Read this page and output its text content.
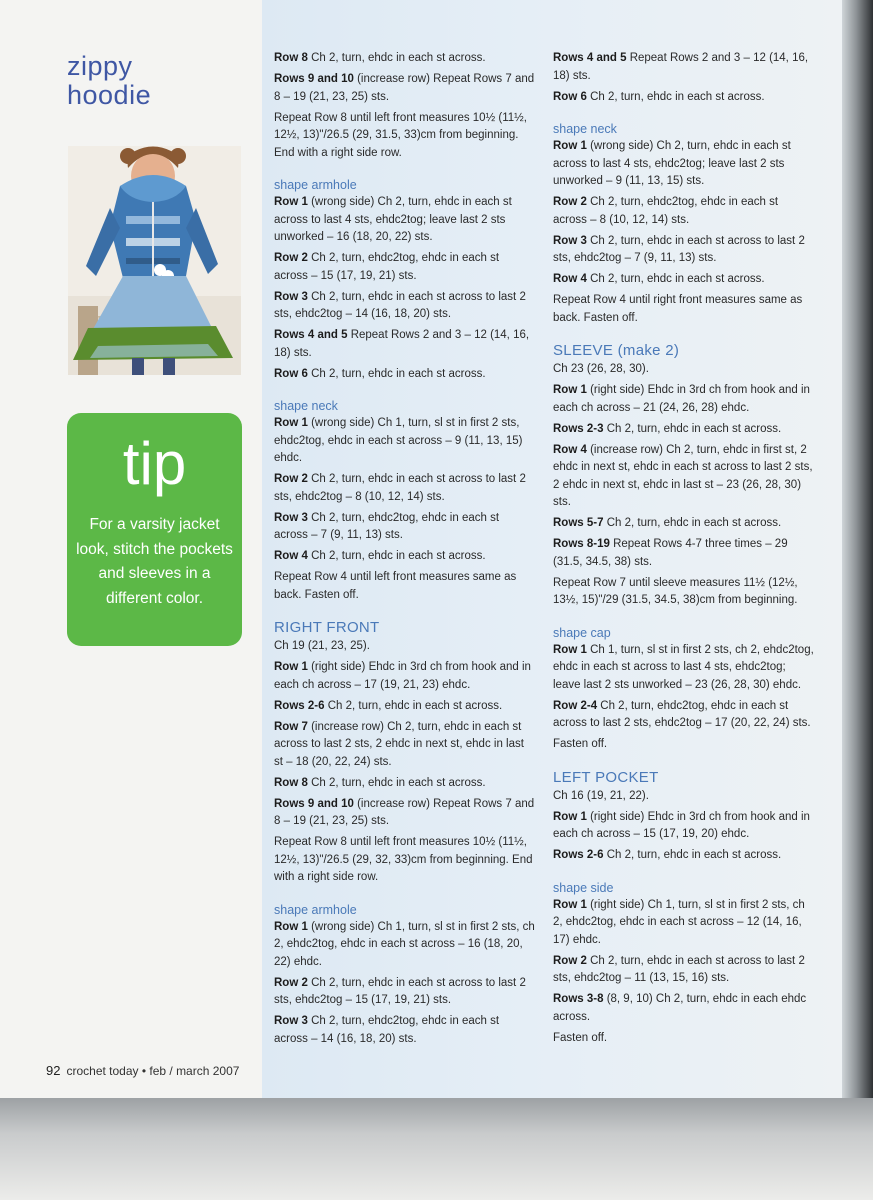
zippy
hoodie
tip
For a varsity jacket look, stitch the pockets and sleeves in a different color.
Row 8 Ch 2, turn, ehdc in each st across.
Rows 9 and 10 (increase row) Repeat Rows 7 and 8 – 19 (21, 23, 25) sts.
Repeat Row 8 until left front measures 10½ (11½, 12½, 13)"/26.5 (29, 31.5, 33)cm from beginning. End with a right side row.
shape armhole
Row 1 (wrong side) Ch 2, turn, ehdc in each st across to last 4 sts, ehdc2tog; leave last 2 sts unworked – 16 (18, 20, 22) sts.
Row 2 Ch 2, turn, ehdc2tog, ehdc in each st across – 15 (17, 19, 21) sts.
Row 3 Ch 2, turn, ehdc in each st across to last 2 sts, ehdc2tog – 14 (16, 18, 20) sts.
Rows 4 and 5 Repeat Rows 2 and 3 – 12 (14, 16, 18) sts.
Row 6 Ch 2, turn, ehdc in each st across.
shape neck
Row 1 (wrong side) Ch 1, turn, sl st in first 2 sts, ehdc2tog, ehdc in each st across – 9 (11, 13, 15) ehdc.
Row 2 Ch 2, turn, ehdc in each st across to last 2 sts, ehdc2tog – 8 (10, 12, 14) sts.
Row 3 Ch 2, turn, ehdc2tog, ehdc in each st across – 7 (9, 11, 13) sts.
Row 4 Ch 2, turn, ehdc in each st across.
Repeat Row 4 until left front measures same as back. Fasten off.
RIGHT FRONT
Ch 19 (21, 23, 25).
Row 1 (right side) Ehdc in 3rd ch from hook and in each ch across – 17 (19, 21, 23) ehdc.
Rows 2-6 Ch 2, turn, ehdc in each st across.
Row 7 (increase row) Ch 2, turn, ehdc in each st across to last 2 sts, 2 ehdc in next st, ehdc in last st – 18 (20, 22, 24) sts.
Row 8 Ch 2, turn, ehdc in each st across.
Rows 9 and 10 (increase row) Repeat Rows 7 and 8 – 19 (21, 23, 25) sts.
Repeat Row 8 until left front measures 10½ (11½, 12½, 13)"/26.5 (29, 32, 33)cm from beginning. End with a right side row.
shape armhole
Row 1 (wrong side) Ch 1, turn, sl st in first 2 sts, ch 2, ehdc2tog, ehdc in each st across – 16 (18, 20, 22) ehdc.
Row 2 Ch 2, turn, ehdc in each st across to last 2 sts, ehdc2tog – 15 (17, 19, 21) sts.
Row 3 Ch 2, turn, ehdc2tog, ehdc in each st across – 14 (16, 18, 20) sts.
Rows 4 and 5 Repeat Rows 2 and 3 – 12 (14, 16, 18) sts.
Row 6 Ch 2, turn, ehdc in each st across.
shape neck
Row 1 (wrong side) Ch 2, turn, ehdc in each st across to last 4 sts, ehdc2tog; leave last 2 sts unworked – 9 (11, 13, 15) sts.
Row 2 Ch 2, turn, ehdc2tog, ehdc in each st across – 8 (10, 12, 14) sts.
Row 3 Ch 2, turn, ehdc in each st across to last 2 sts, ehdc2tog – 7 (9, 11, 13) sts.
Row 4 Ch 2, turn, ehdc in each st across.
Repeat Row 4 until right front measures same as back. Fasten off.
SLEEVE (make 2)
Ch 23 (26, 28, 30).
Row 1 (right side) Ehdc in 3rd ch from hook and in each ch across – 21 (24, 26, 28) ehdc.
Rows 2-3 Ch 2, turn, ehdc in each st across.
Row 4 (increase row) Ch 2, turn, ehdc in first st, 2 ehdc in next st, ehdc in each st across to last 2 sts, 2 ehdc in next st, ehdc in last st – 23 (26, 28, 30) sts.
Rows 5-7 Ch 2, turn, ehdc in each st across.
Rows 8-19 Repeat Rows 4-7 three times – 29 (31.5, 34.5, 38) sts.
Repeat Row 7 until sleeve measures 11½ (12½, 13½, 15)"/29 (31.5, 34.5, 38)cm from beginning.
shape cap
Row 1 Ch 1, turn, sl st in first 2 sts, ch 2, ehdc2tog, ehdc in each st across to last 4 sts, ehdc2tog; leave last 2 sts unworked – 23 (26, 28, 30) ehdc.
Row 2-4 Ch 2, turn, ehdc2tog, ehdc in each st across to last 2 sts, ehdc2tog – 17 (20, 22, 24) sts.
Fasten off.
LEFT POCKET
Ch 16 (19, 21, 22).
Row 1 (right side) Ehdc in 3rd ch from hook and in each ch across – 15 (17, 19, 20) ehdc.
Rows 2-6 Ch 2, turn, ehdc in each st across.
shape side
Row 1 (right side) Ch 1, turn, sl st in first 2 sts, ch 2, ehdc2tog, ehdc in each st across – 12 (14, 16, 17) ehdc.
Row 2 Ch 2, turn, ehdc in each st across to last 2 sts, ehdc2tog – 11 (13, 15, 16) sts.
Rows 3-8 (8, 9, 10) Ch 2, turn, ehdc in each ehdc across.
Fasten off.
92 crochet today • feb / march 2007
